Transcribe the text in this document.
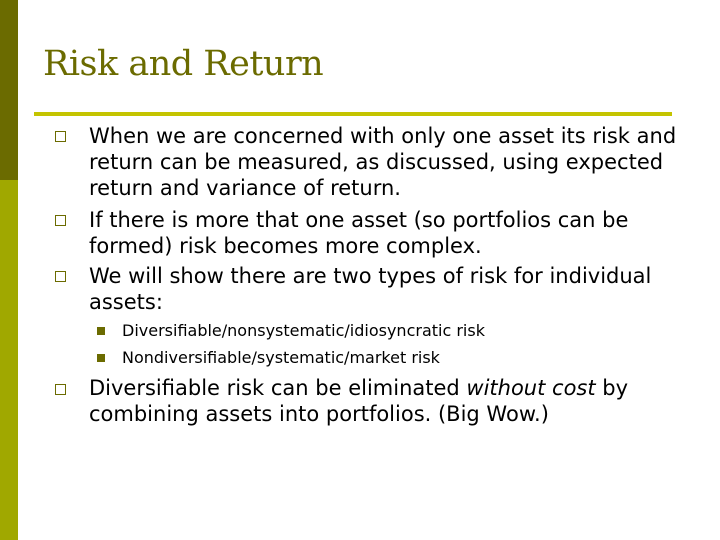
Risk and Return
When we are concerned with only one asset its risk and return can be measured, as discussed, using expected return and variance of return.
If there is more that one asset (so portfolios can be formed) risk becomes more complex.
We will show there are two types of risk for individual assets:
Diversifiable/nonsystematic/idiosyncratic risk
Nondiversifiable/systematic/market risk
Diversifiable risk can be eliminated without cost by combining assets into portfolios. (Big Wow.)
